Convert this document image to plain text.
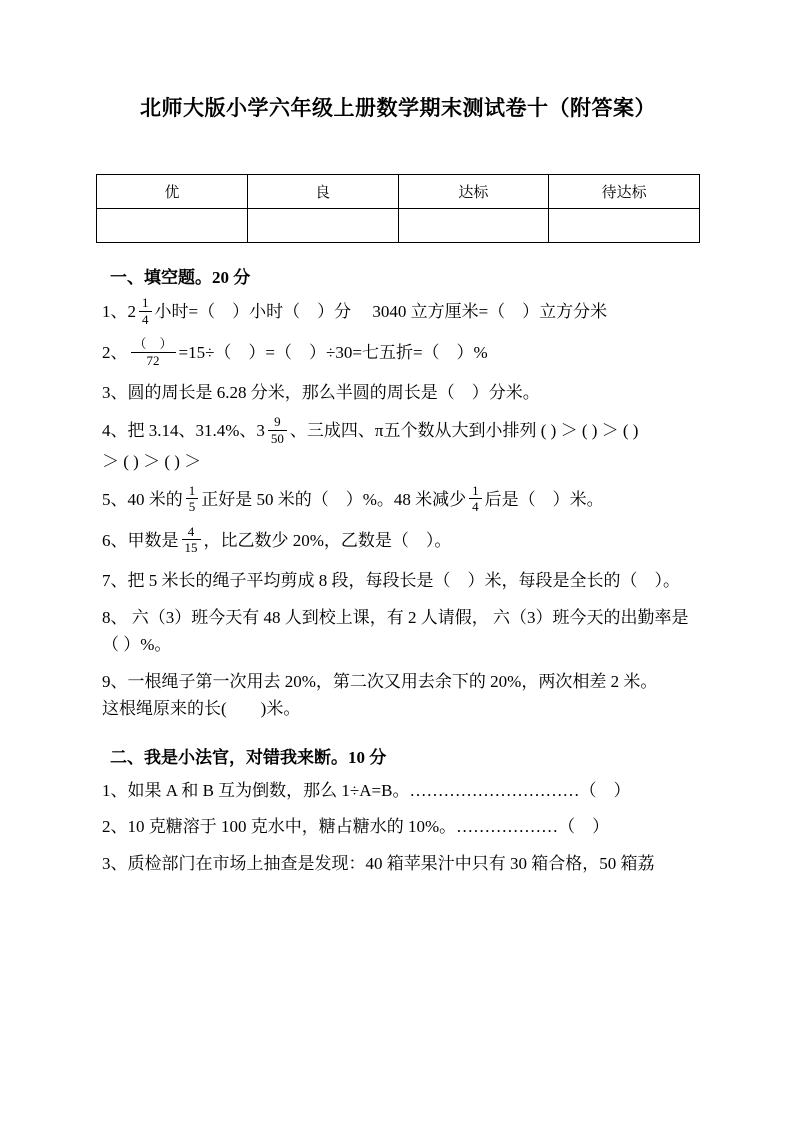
北师大版小学六年级上册数学期末测试卷十（附答案）
优	良	达标	待达标

一、填空题。20 分
1、$2 \frac{1}{4}$ 小时=（　）小时（　）分　 3040 立方厘米=（　）立方分米
2、 $\frac{( )}{72} =15\div$（　）=（　）÷30=七五折=（　）%
3、圆的周长是 6.28 分米，那么半圆的周长是（　）分米。
4、把 3.14、31.4%、$3 \frac{9}{50}$ 、三成四、π五个数从大到小排列 ( ) ＞ ( ) ＞ ( )
＞ ( ) ＞ ( ) ＞
5、40 米的 $\frac{1}{5}$ 正好是 50 米的（　）%。48 米减少 $\frac{1}{4}$ 后是（　）米。
6、甲数是 $\frac{4}{15}$ ，比乙数少 20%，乙数是（　）。
7、把 5 米长的绳子平均剪成 8 段，每段长是（　）米，每段是全长的（　）。
8、 六（3）班今天有 48 人到校上课，有 2 人请假， 六（3）班今天的出勤率是（ ）%。
9、一根绳子第一次用去 20%，第二次又用去余下的 20%，两次相差 2 米。
这根绳原来的长(　　)米。
二、我是小法官，对错我来断。10 分
1、如果 A 和 B 互为倒数，那么 1÷A=B。…………………………（　）
2、10 克糖溶于 100 克水中，糖占糖水的 10%。………………（　）
3、质检部门在市场上抽查是发现：40 箱苹果汁中只有 30 箱合格，50 箱荔
